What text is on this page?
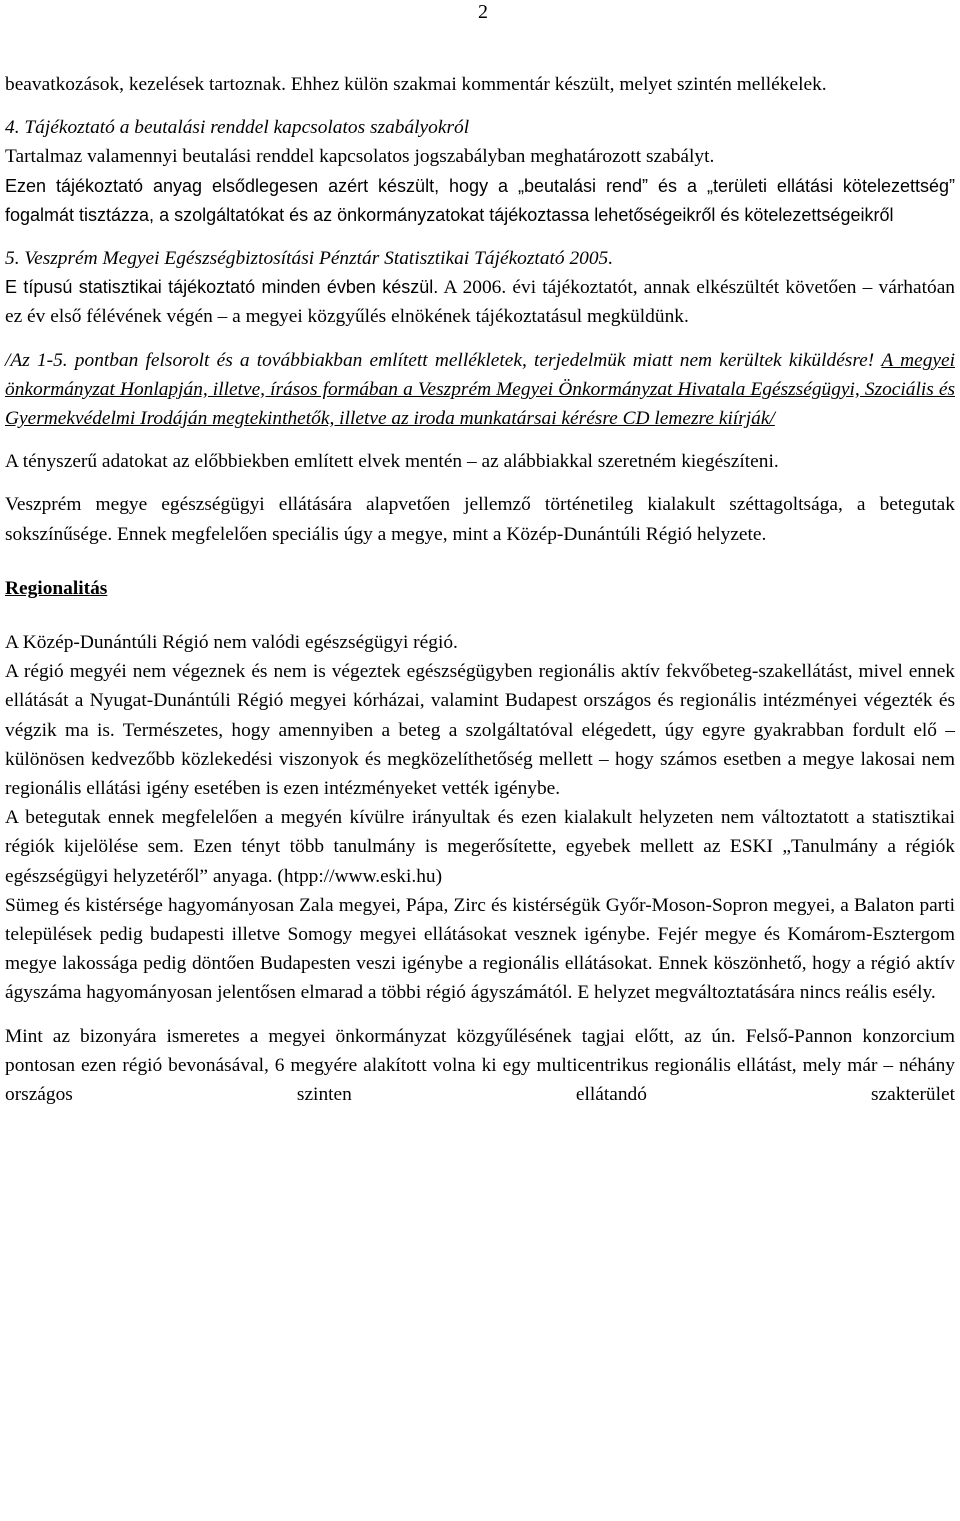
2

beavatkozások, kezelések tartoznak. Ehhez külön szakmai kommentár készült, melyet szintén mellékelek.

4. Tájékoztató a beutalási renddel kapcsolatos szabályokról

Tartalmaz valamennyi beutalási renddel kapcsolatos jogszabályban meghatározott szabályt.

Ezen tájékoztató anyag elsődlegesen azért készült, hogy a „beutalási rend” és a „területi ellátási kötelezettség” fogalmát tisztázza, a szolgáltatókat és az önkormányzatokat tájékoztassa lehetőségeikről és kötelezettségeikről

5. Veszprém Megyei Egészségbiztosítási Pénztár Statisztikai Tájékoztató 2005.

E típusú statisztikai tájékoztató minden évben készül. A 2006. évi tájékoztatót, annak elkészültét követően – várhatóan ez év első félévének végén – a megyei közgyűlés elnökének tájékoztatásul megküldünk.

/Az 1-5. pontban felsorolt és a továbbiakban említett mellékletek, terjedelmük miatt nem kerültek kiküldésre! A megyei önkormányzat Honlapján, illetve, írásos formában a Veszprém Megyei Önkormányzat Hivatala Egészségügyi, Szociális és Gyermekvédelmi Irodáján megtekinthetők, illetve az iroda munkatársai kérésre CD lemezre kiírják/

A tényszerű adatokat az előbbiekben említett elvek mentén – az alábbiakkal szeretném kiegészíteni.

Veszprém megye egészségügyi ellátására alapvetően jellemző történetileg kialakult széttagoltsága, a betegutak sokszínűsége. Ennek megfelelően speciális úgy a megye, mint a Közép-Dunántúli Régió helyzete.

Regionalitás

A Közép-Dunántúli Régió nem valódi egészségügyi régió.

A régió megyéi nem végeznek és nem is végeztek egészségügyben regionális aktív fekvőbeteg-szakellátást, mivel ennek ellátását a Nyugat-Dunántúli Régió megyei kórházai, valamint Budapest országos és regionális intézményei végezték és végzik ma is. Természetes, hogy amennyiben a beteg a szolgáltatóval elégedett, úgy egyre gyakrabban fordult elő – különösen kedvezőbb közlekedési viszonyok és megközelíthetőség mellett – hogy számos esetben a megye lakosai nem regionális ellátási igény esetében is ezen intézményeket vették igénybe.

A betegutak ennek megfelelően a megyén kívülre irányultak és ezen kialakult helyzeten nem változtatott a statisztikai régiók kijelölése sem. Ezen tényt több tanulmány is megerősítette, egyebek mellett az ESKI „Tanulmány a régiók egészségügyi helyzetéről” anyaga. (htpp://www.eski.hu)

Sümeg és kistérsége hagyományosan Zala megyei, Pápa, Zirc és kistérségük Győr-Moson-Sopron megyei, a Balaton parti települések pedig budapesti illetve Somogy megyei ellátásokat vesznek igénybe. Fejér megye és Komárom-Esztergom megye lakossága pedig döntően Budapesten veszi igénybe a regionális ellátásokat. Ennek köszönhető, hogy a régió aktív ágyszáma hagyományosan jelentősen elmarad a többi régió ágyszámától. E helyzet megváltoztatására nincs reális esély.

Mint az bizonyára ismeretes a megyei önkormányzat közgyűlésének tagjai előtt, az ún. Felső-Pannon konzorcium pontosan ezen régió bevonásával, 6 megyére alakított volna ki egy multicentrikus regionális ellátást, mely már – néhány országos szinten ellátandó szakterület
